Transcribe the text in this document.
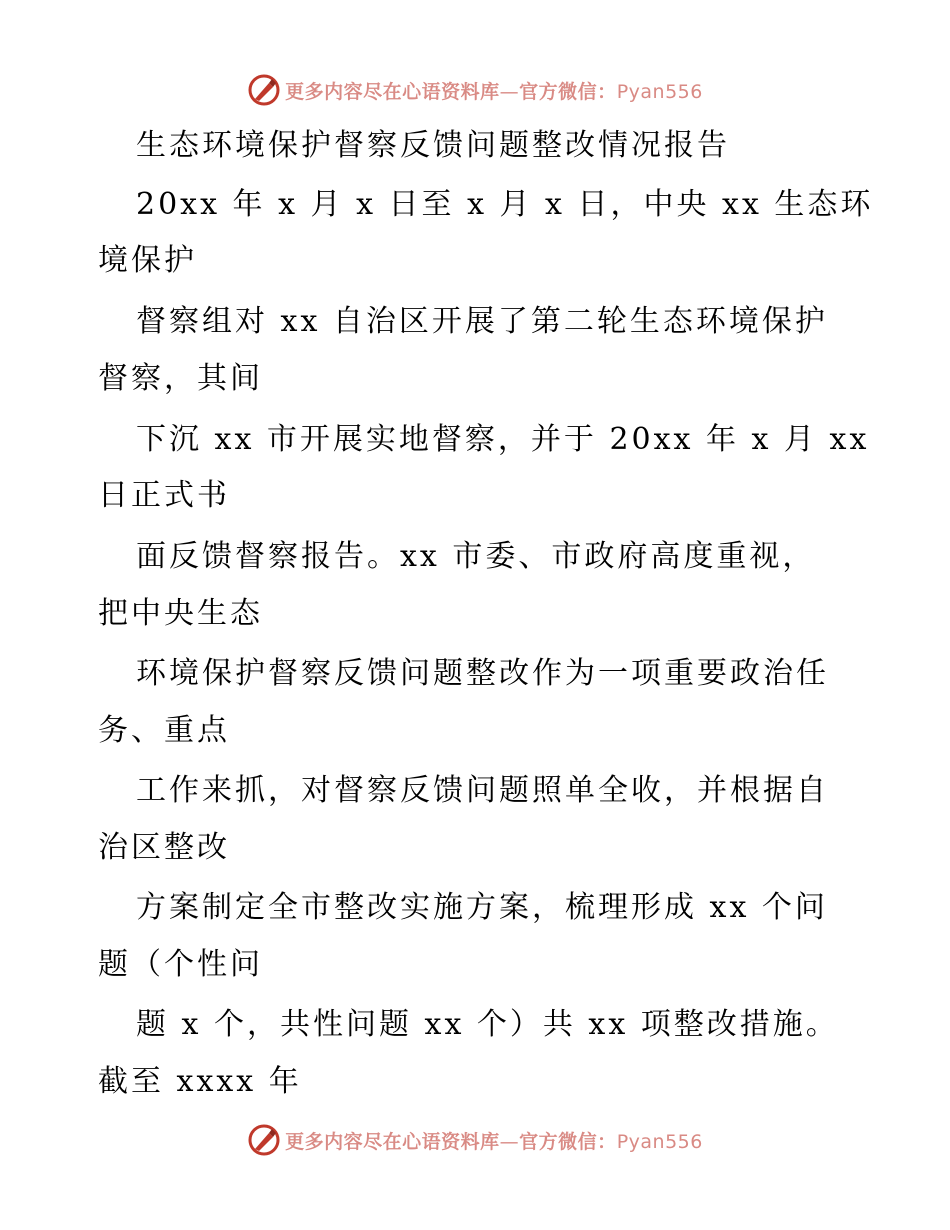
更多内容尽在心语资料库—官方微信：Pyan556

生态环境保护督察反馈问题整改情况报告

20xx 年 x 月 x 日至 x 月 x 日，中央 xx 生态环

境保护

督察组对 xx 自治区开展了第二轮生态环境保护

督察，其间

下沉 xx 市开展实地督察，并于 20xx 年 x 月 xx

日正式书

面反馈督察报告。xx 市委、市政府高度重视，

把中央生态

环境保护督察反馈问题整改作为一项重要政治任

务、重点

工作来抓，对督察反馈问题照单全收，并根据自

治区整改

方案制定全市整改实施方案，梳理形成 xx 个问

题（个性问

题 x 个，共性问题 xx 个）共 xx 项整改措施。

截至 xxxx 年

更多内容尽在心语资料库—官方微信：Pyan556
